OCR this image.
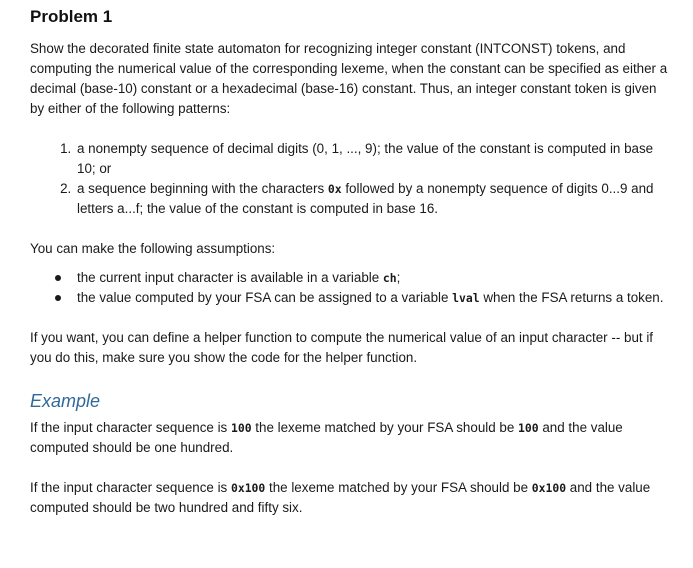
Problem 1

Show the decorated finite state automaton for recognizing integer constant (INTCONST) tokens, and computing the numerical value of the corresponding lexeme, when the constant can be specified as either a decimal (base-10) constant or a hexadecimal (base-16) constant. Thus, an integer constant token is given by either of the following patterns:

1. a nonempty sequence of decimal digits (0, 1, ..., 9); the value of the constant is computed in base 10; or
2. a sequence beginning with the characters 0x followed by a nonempty sequence of digits 0...9 and letters a...f; the value of the constant is computed in base 16.

You can make the following assumptions:

the current input character is available in a variable ch;
the value computed by your FSA can be assigned to a variable lval when the FSA returns a token.

If you want, you can define a helper function to compute the numerical value of an input character -- but if you do this, make sure you show the code for the helper function.

Example

If the input character sequence is 100 the lexeme matched by your FSA should be 100 and the value computed should be one hundred.

If the input character sequence is 0x100 the lexeme matched by your FSA should be 0x100 and the value computed should be two hundred and fifty six.
